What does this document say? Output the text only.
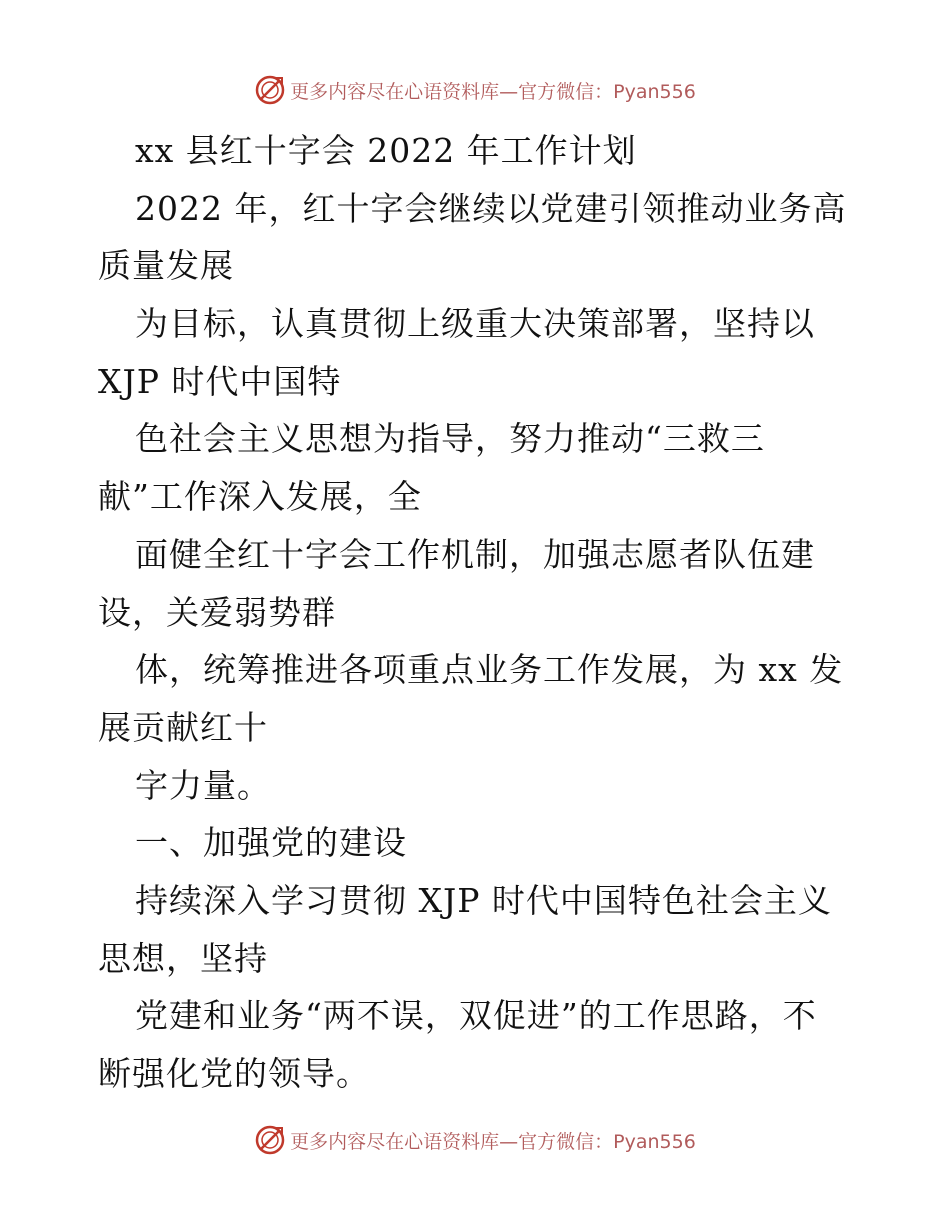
更多内容尽在心语资料库—官方微信：Pyan556
xx 县红十字会 2022 年工作计划
2022 年，红十字会继续以党建引领推动业务高
质量发展
为目标，认真贯彻上级重大决策部署，坚持以
XJP 时代中国特
色社会主义思想为指导，努力推动“三救三
献”工作深入发展，全
面健全红十字会工作机制，加强志愿者队伍建
设，关爱弱势群
体，统筹推进各项重点业务工作发展，为 xx 发
展贡献红十
字力量。
一、加强党的建设
持续深入学习贯彻 XJP 时代中国特色社会主义
思想，坚持
党建和业务“两不误，双促进”的工作思路，不
断强化党的领导。
更多内容尽在心语资料库—官方微信：Pyan556
